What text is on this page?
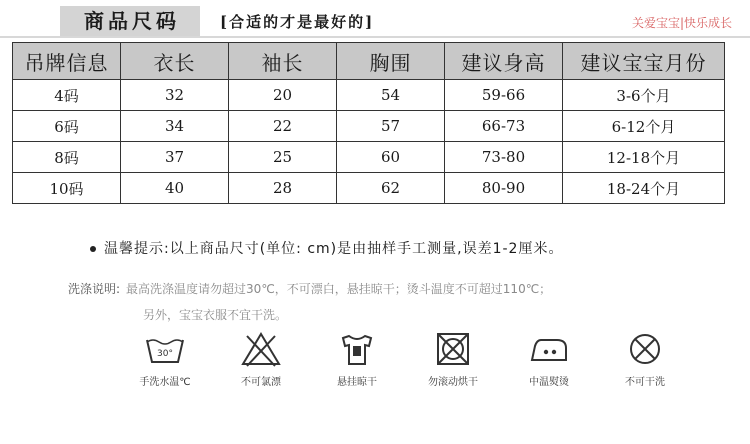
商品尺码	[合适的才是最好的]	关爱宝宝|快乐成长
吊牌信息	衣长	袖长	胸围	建议身高	建议宝宝月份
4码	32	20	54	59-66	3-6个月
6码	34	22	57	66-73	6-12个月
8码	37	25	60	73-80	12-18个月
10码	40	28	62	80-90	18-24个月
温馨提示:以上商品尺寸(单位: cm)是由抽样手工测量,误差1-2厘米。
洗涤说明: 最高洗涤温度请勿超过30℃，不可漂白，悬挂晾干；烫斗温度不可超过110℃；
另外，宝宝衣服不宜干洗。
30°
手洗水温℃	不可氯漂	悬挂晾干	勿滚动烘干	中温熨烫	不可干洗
